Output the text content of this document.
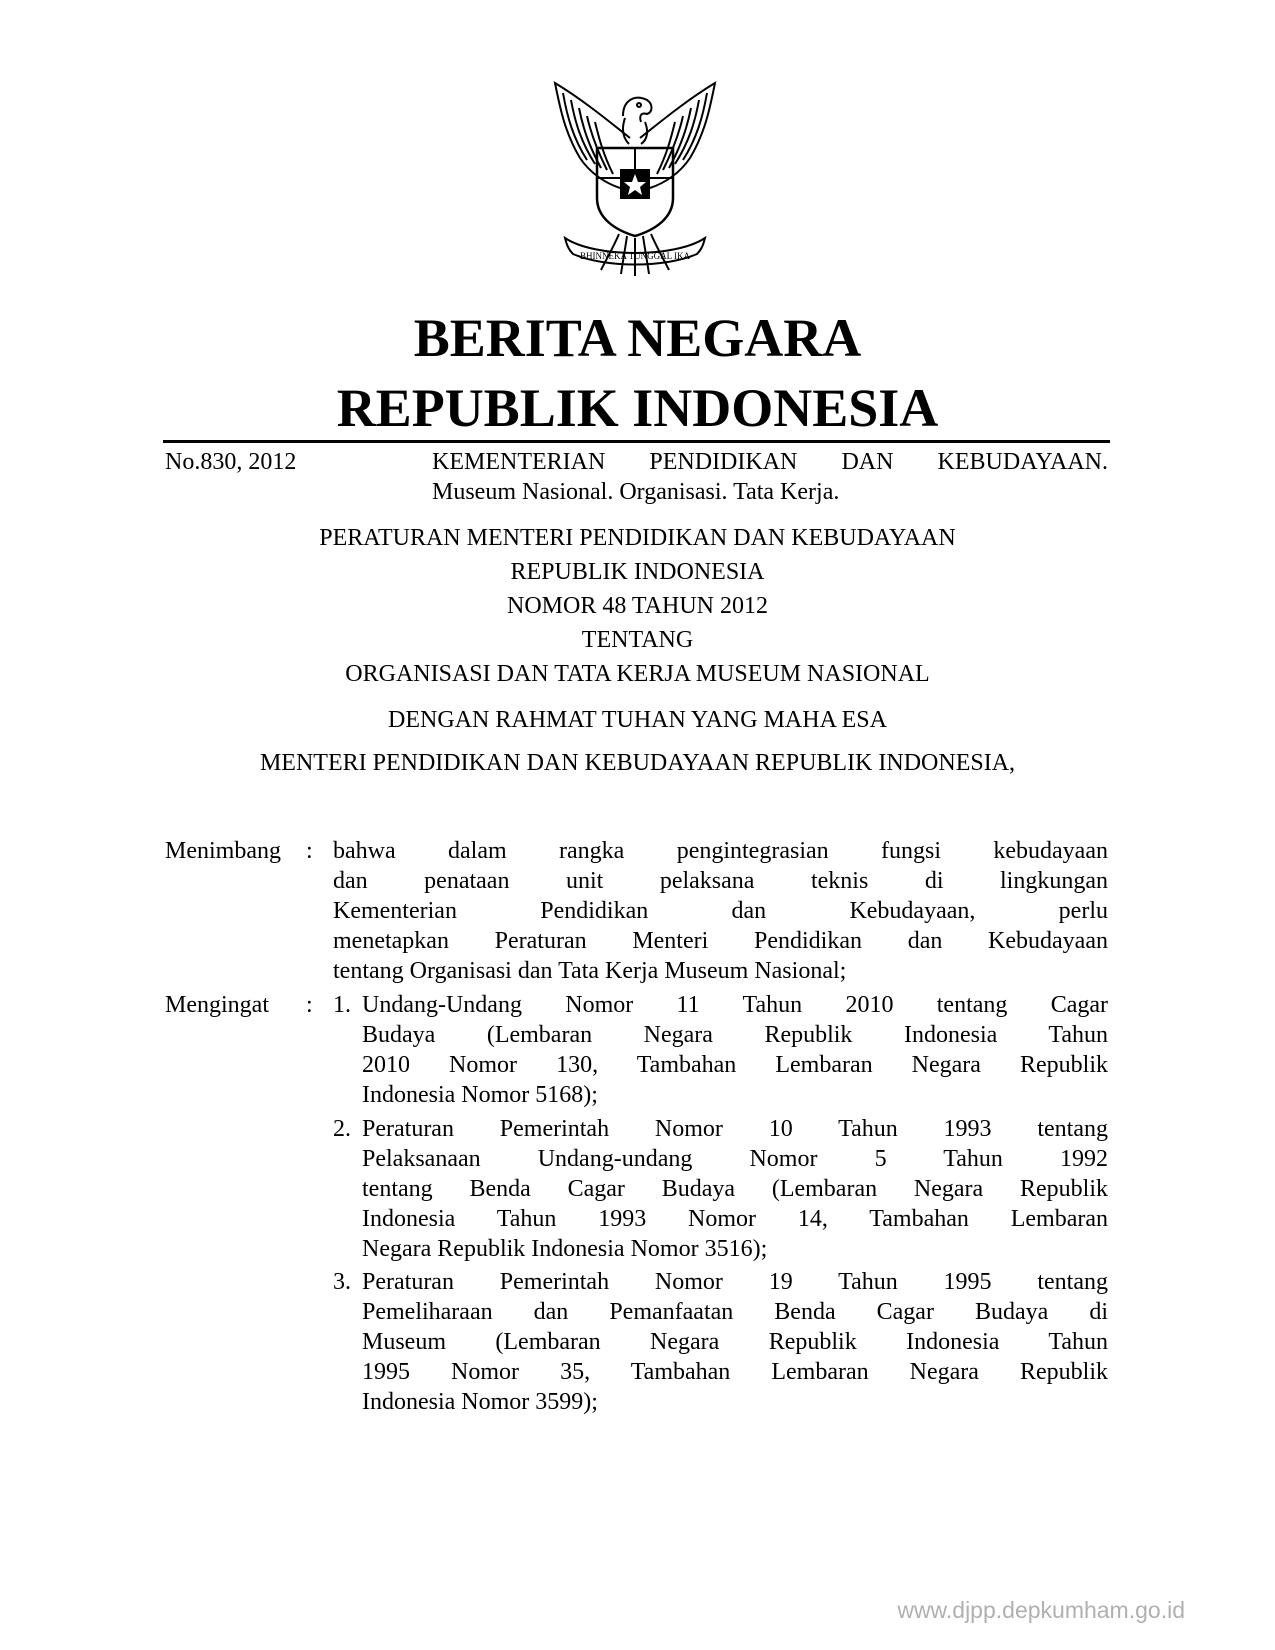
BHINNEKA TUNGGAL IKA
BERITA NEGARA
REPUBLIK INDONESIA
No.830, 2012	KEMENTERIAN PENDIDIKAN DAN KEBUDAYAAN.
Museum Nasional. Organisasi. Tata Kerja.
PERATURAN MENTERI PENDIDIKAN DAN KEBUDAYAAN
REPUBLIK INDONESIA
NOMOR 48 TAHUN 2012
TENTANG
ORGANISASI DAN TATA KERJA MUSEUM NASIONAL
DENGAN RAHMAT TUHAN YANG MAHA ESA
MENTERI PENDIDIKAN DAN KEBUDAYAAN REPUBLIK INDONESIA,
Menimbang : bahwa dalam rangka pengintegrasian fungsi kebudayaan
dan penataan unit pelaksana teknis di lingkungan
Kementerian Pendidikan dan Kebudayaan, perlu
menetapkan Peraturan Menteri Pendidikan dan Kebudayaan
tentang Organisasi dan Tata Kerja Museum Nasional;
Mengingat : 1. Undang-Undang Nomor 11 Tahun 2010 tentang Cagar
Budaya (Lembaran Negara Republik Indonesia Tahun
2010 Nomor 130, Tambahan Lembaran Negara Republik
Indonesia Nomor 5168);
2. Peraturan Pemerintah Nomor 10 Tahun 1993 tentang
Pelaksanaan Undang-undang Nomor 5 Tahun 1992
tentang Benda Cagar Budaya (Lembaran Negara Republik
Indonesia Tahun 1993 Nomor 14, Tambahan Lembaran
Negara Republik Indonesia Nomor 3516);
3. Peraturan Pemerintah Nomor 19 Tahun 1995 tentang
Pemeliharaan dan Pemanfaatan Benda Cagar Budaya di
Museum (Lembaran Negara Republik Indonesia Tahun
1995 Nomor 35, Tambahan Lembaran Negara Republik
Indonesia Nomor 3599);
www.djpp.depkumham.go.id
